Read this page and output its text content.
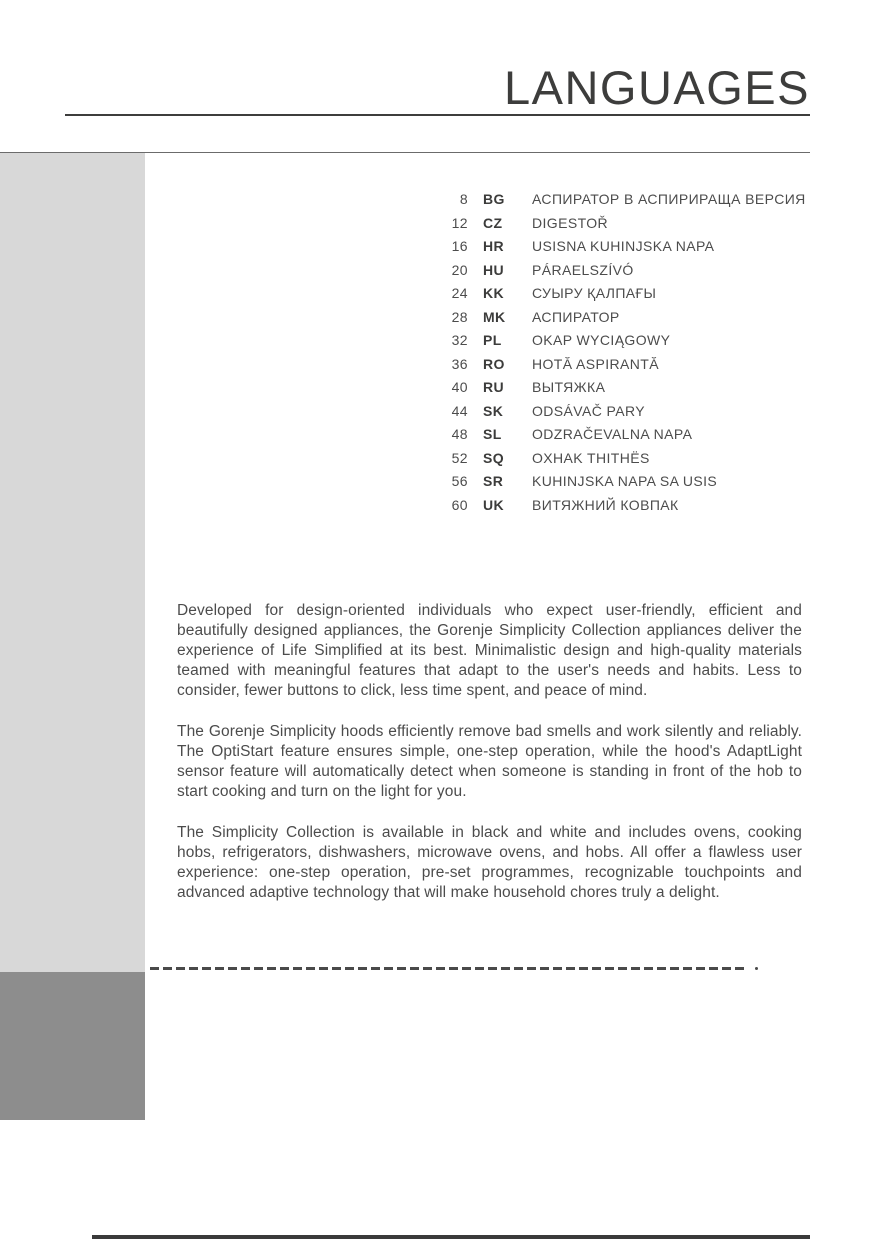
LANGUAGES
8 BG	АСПИРАТОР В АСПИРИРАЩА ВЕРСИЯ
12 CZ	DIGESTOŘ
16 HR	USISNA KUHINJSKA NAPA
20 HU	PÁRAELSZÍVÓ
24 KK	СУЫРУ ҚАЛПАҒЫ
28 MK	АСПИРАТОР
32 PL	OKAP WYCIĄGOWY
36 RO	HOTĂ ASPIRANTĂ
40 RU	ВЫТЯЖКА
44 SK	ODSÁVAČ PARY
48 SL	ODZRAČEVALNA NAPA
52 SQ	OXHAK THITHËS
56 SR	KUHINJSKA NAPA SA USIS
60 UK	ВИТЯЖНИЙ КОВПАК

Developed for design-oriented individuals who expect user-friendly, efficient and beautifully designed appliances, the Gorenje Simplicity Collection appliances deliver the experience of Life Simplified at its best. Minimalistic design and high-quality materials teamed with meaningful features that adapt to the user's needs and habits. Less to consider, fewer buttons to click, less time spent, and peace of mind.

The Gorenje Simplicity hoods efficiently remove bad smells and work silently and reliably. The OptiStart feature ensures simple, one-step operation, while the hood's AdaptLight sensor feature will automatically detect when someone is standing in front of the hob to start cooking and turn on the light for you.

The Simplicity Collection is available in black and white and includes ovens, cooking hobs, refrigerators, dishwashers, microwave ovens, and hobs. All offer a flawless user experience: one-step operation, pre-set programmes, recognizable touchpoints and advanced adaptive technology that will make household chores truly a delight.
